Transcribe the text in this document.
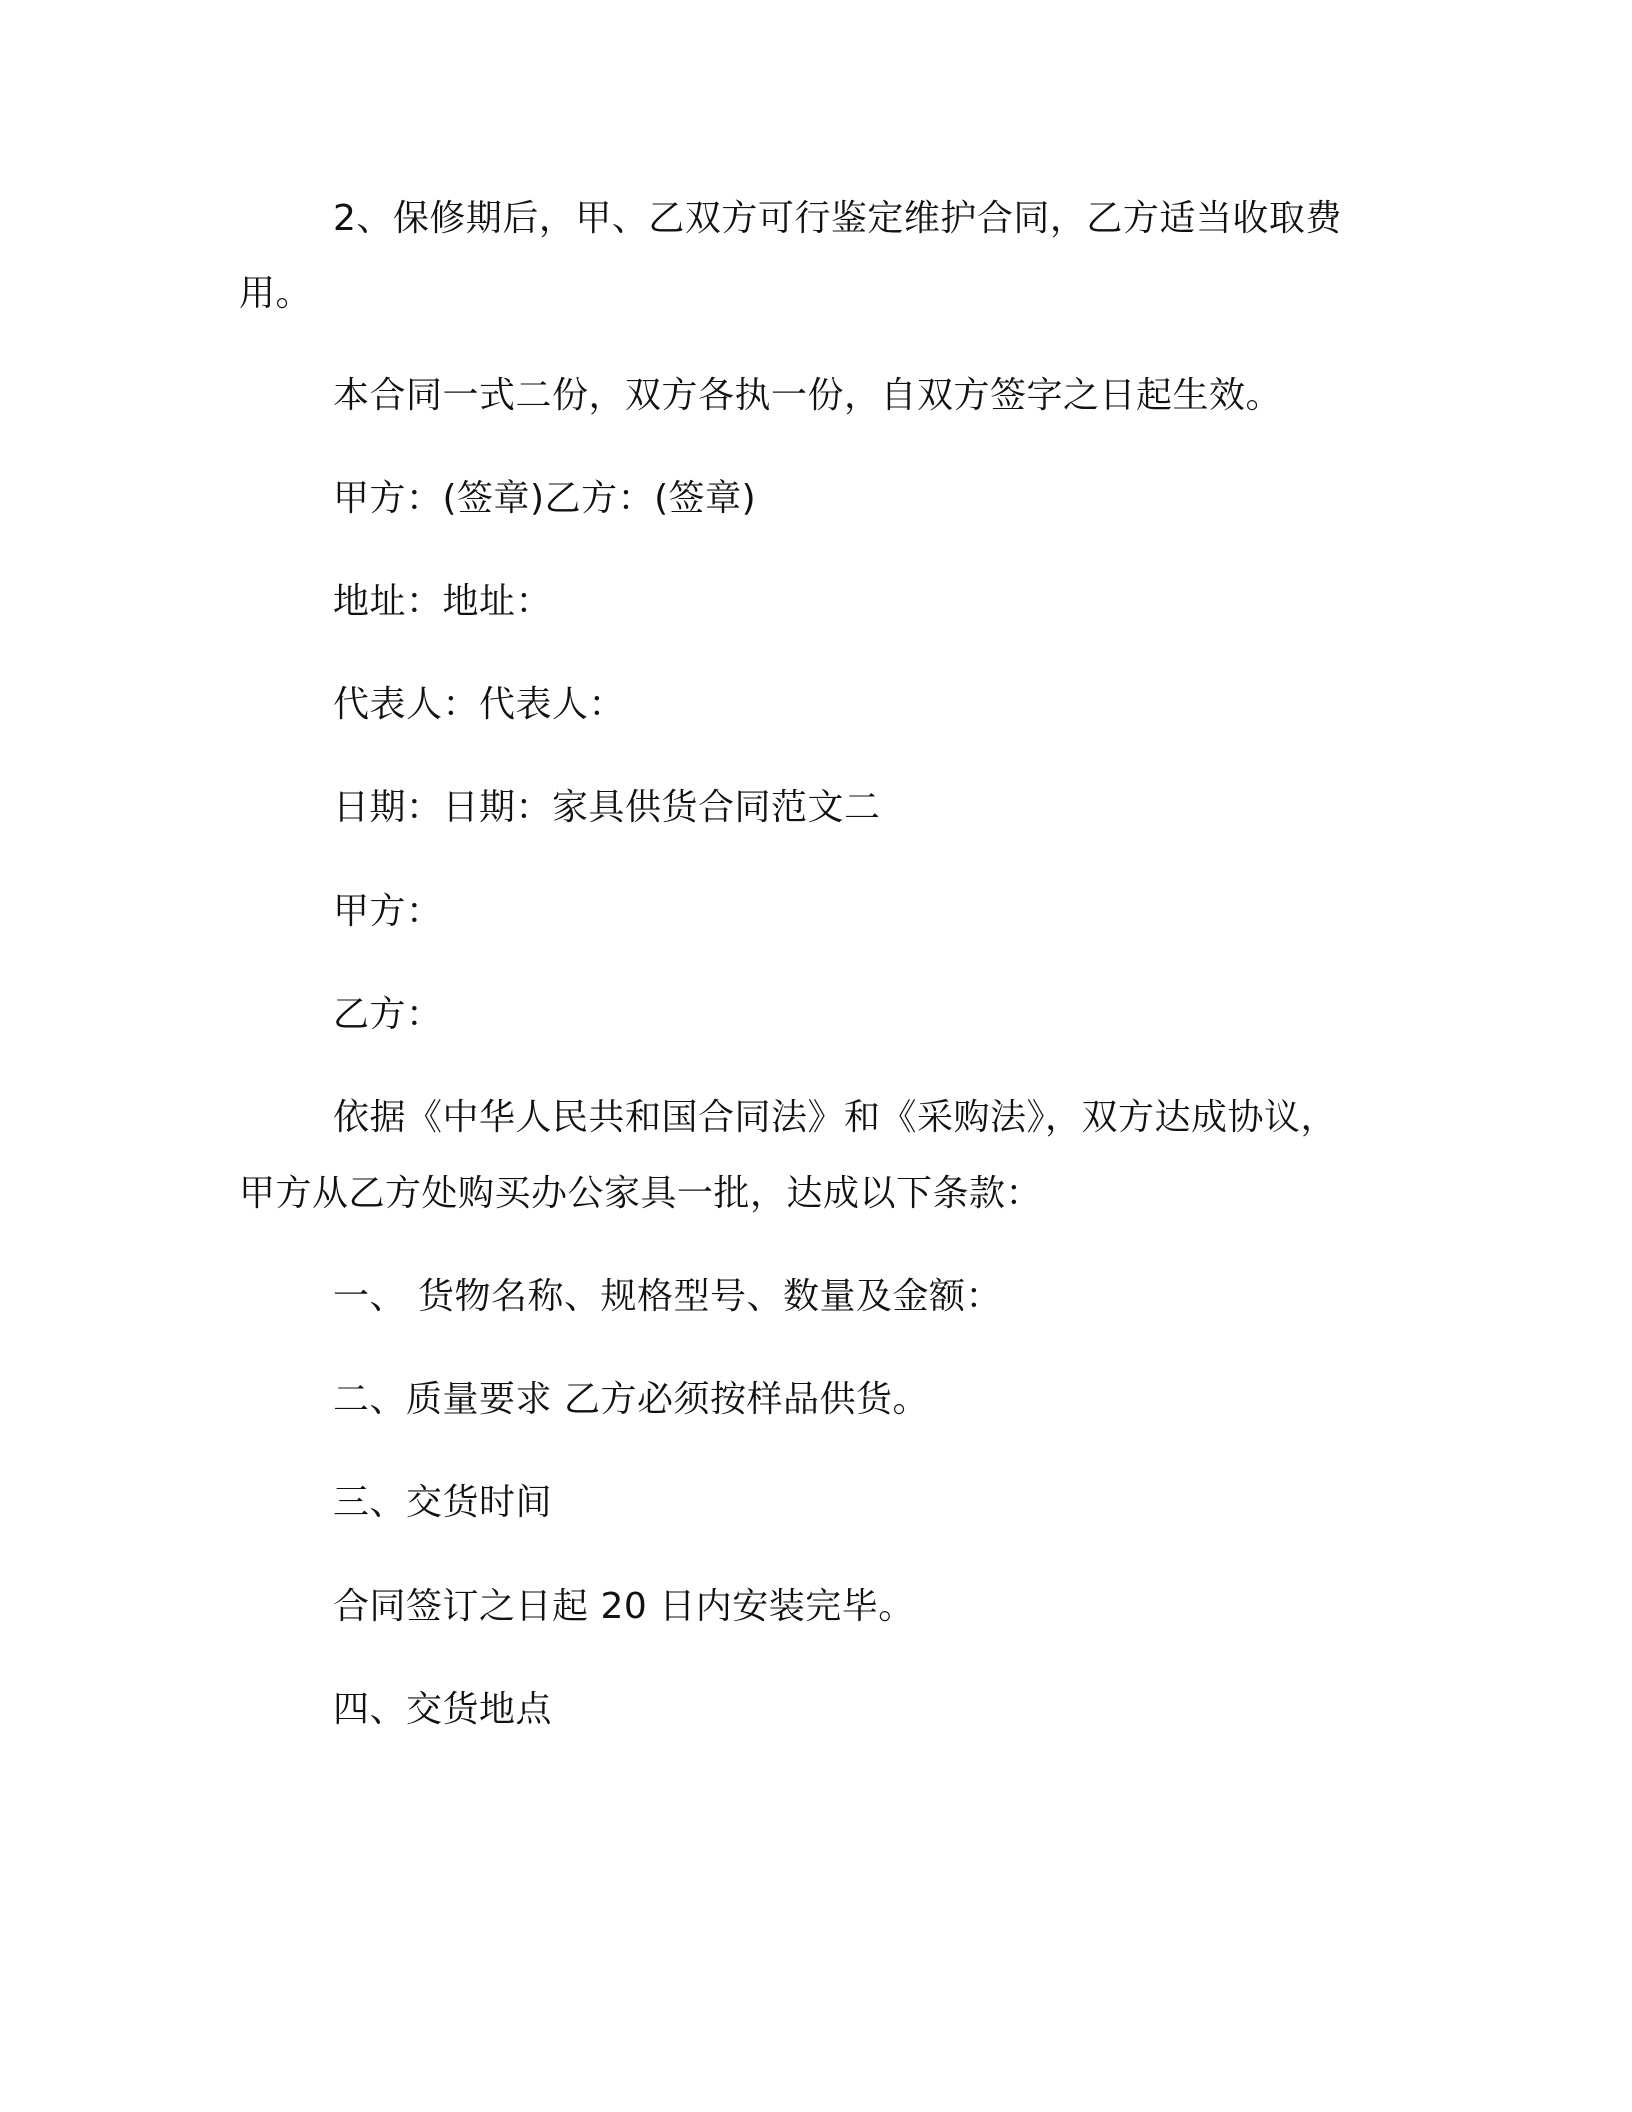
2、保修期后，甲、乙双方可行鉴定维护合同，乙方适当收取费
用。
本合同一式二份，双方各执一份，自双方签字之日起生效。
甲方：(签章)乙方：(签章)
地址：地址：
代表人：代表人：
日期：日期：家具供货合同范文二
甲方：
乙方：
依据《中华人民共和国合同法》和《采购法》，双方达成协议，
甲方从乙方处购买办公家具一批，达成以下条款：
一、 货物名称、规格型号、数量及金额：
二、质量要求 乙方必须按样品供货。
三、交货时间
合同签订之日起 20 日内安装完毕。
四、交货地点
